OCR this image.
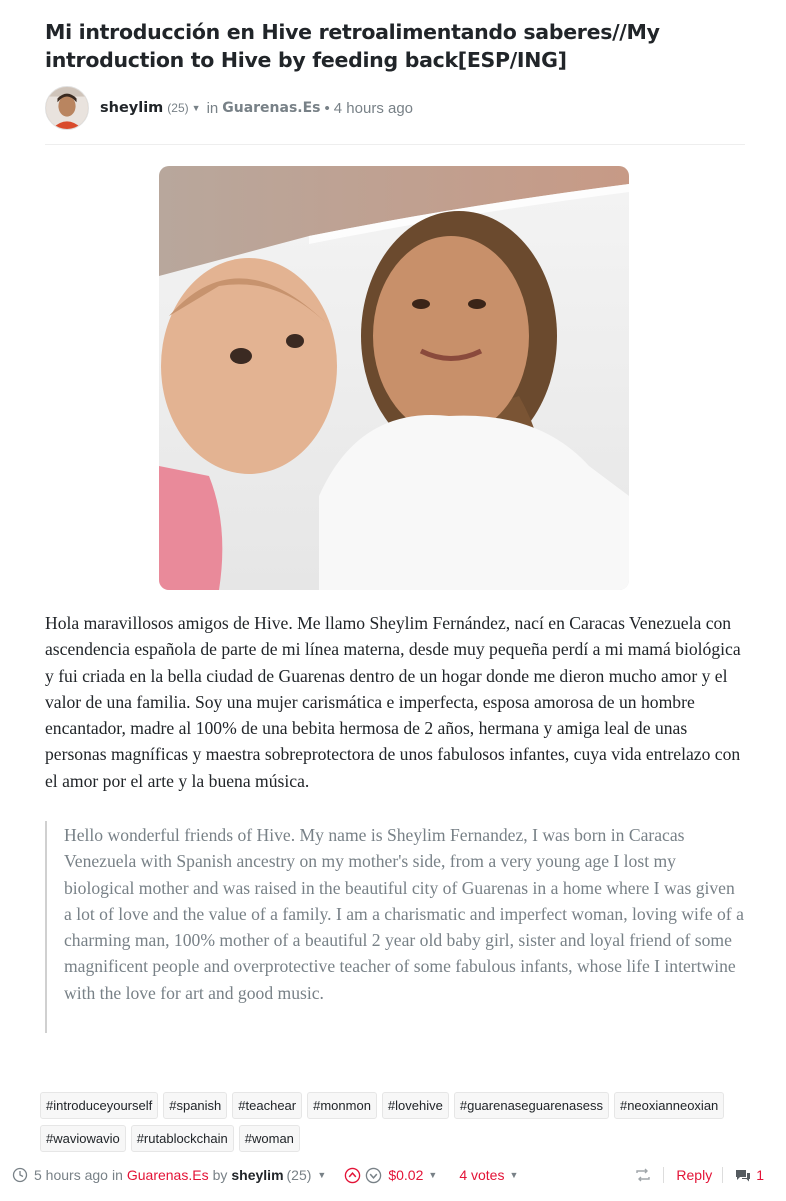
Mi introducción en Hive retroalimentando saberes//My introduction to Hive by feeding back[ESP/ING]
sheylim (25) ▼ in Guarenas.Es • 4 hours ago

Hola maravillosos amigos de Hive. Me llamo Sheylim Fernández, nací en Caracas Venezuela con ascendencia española de parte de mi línea materna, desde muy pequeña perdí a mi mamá biológica y fui criada en la bella ciudad de Guarenas dentro de un hogar donde me dieron mucho amor y el valor de una familia. Soy una mujer carismática e imperfecta, esposa amorosa de un hombre encantador, madre al 100% de una bebita hermosa de 2 años, hermana y amiga leal de unas personas magníficas y maestra sobreprotectora de unos fabulosos infantes, cuya vida entrelazo con el amor por el arte y la buena música.

Hello wonderful friends of Hive. My name is Sheylim Fernandez, I was born in Caracas Venezuela with Spanish ancestry on my mother's side, from a very young age I lost my biological mother and was raised in the beautiful city of Guarenas in a home where I was given a lot of love and the value of a family. I am a charismatic and imperfect woman, loving wife of a charming man, 100% mother of a beautiful 2 year old baby girl, sister and loyal friend of some magnificent people and overprotective teacher of some fabulous infants, whose life I intertwine with the love for art and good music.
#introduceyourself	#spanish	#teachear	#monmon	#lovehive	#guarenaseguarenasess	#neoxianneoxian
#waviowavio	#rutablockchain	#woman
5 hours ago in Guarenas.Es by sheylim (25) ▼	$0.02 ▼ 4 votes ▼	Reply	1
